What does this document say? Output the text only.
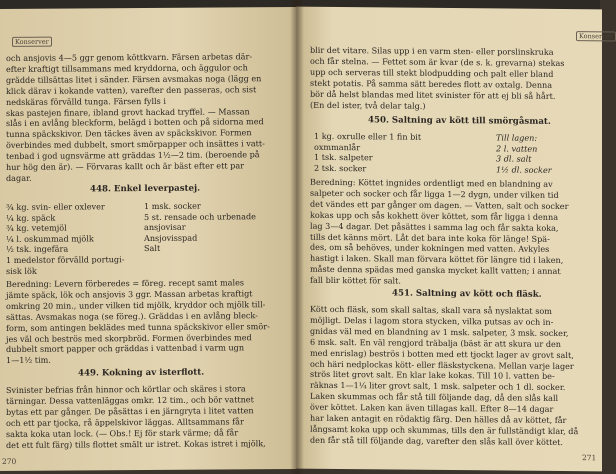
Konserver
och ansjovis 4—5 ggr genom köttkvarn. Färsen arbetas där-
efter kraftigt tillsammans med kryddorna, och äggulor och
grädde tillsättas litet i sänder. Färsen avsmakas noga (lägg en
klick därav i kokande vatten), varefter den passeras, och sist
nedskäras förvälld tunga. Färsen fylls i
skas pastejen finare, ibland grovt hackad tryffel. — Massan
slås i en avlång bleckform, belägd i botten och på sidorna med
tunna späckskivor. Den täckes även av späckskivor. Formen
överbindes med dubbelt, smort smörpapper och insättes i vatt-
tenbad i god ugnsvärme att gräddas 1½—2 tim. (beroende på
hur hög den är). — Förvaras kallt och är bäst efter ett par
dagar.
448. Enkel leverpastej.
¾ kg. svin- eller oxlever
¼ kg. späck
¾ kg. vetemjöl
¼ l. oskummad mjölk
½ tsk. ingefära
1 medelstor förvälld portugi-
sisk lök
1 msk. socker
5 st. rensade och urbenade
ansjovisar
Ansjovisspad
Salt
Beredning: Levern förberedes = föreg. recept samt males
jämte späck, lök och ansjovis 3 ggr. Massan arbetas kraftigt
omkring 20 min., under vilken tid mjölk, kryddor och mjölk till-
sättas. Avsmakas noga (se föreg.). Gräddas i en avlång bleck-
form, som antingen beklädes med tunna späckskivor eller smör-
jes väl och beströs med skorpbröd. Formen överbindes med
dubbelt smort papper och gräddas i vattenbad i varm ugn
1—1½ tim.
449. Kokning av isterflott.
Svinister befrias från hinnor och körtlar och skäres i stora
tärningar. Dessa vattenläggas omkr. 12 tim., och bör vattnet
bytas ett par gånger. De påsättas i en järngryta i litet vatten
och ett par tjocka, rå äppelskivor läggas. Alltsammans får
sakta koka utan lock. (— Obs.! Ej för stark värme; då får
det ett fult färg) tills flottet smält ur istret. Kokas istret i mjölk,
270
Konserver
blir det vitare. Silas upp i en varm sten- eller porslinskruka
och får stelna. — Fettet som är kvar (de s. k. grevarna) stekas
upp och serveras till stekt blodpudding och palt eller bland
stekt potatis. På samma sätt beredes flott av oxtalg. Denna
bör då helst blandas med litet svinister för att ej bli så hårt.
(En del ister, två delar talg.)
450. Saltning av kött till smörgåsmat.
1 kg. oxrulle eller 1 fin bit
oxmmanlår
1 tsk. salpeter
2 tsk. socker
Till lagen:
2 l. vatten
3 dl. salt
1½ dl. socker
Beredning: Köttet ingnides ordentligt med en blandning av
salpeter och socker och får ligga 1—2 dygn, under vilken tid
det vändes ett par gånger om dagen. — Vatten, salt och socker
kokas upp och sås kokhett över köttet, som får ligga i denna
lag 3—4 dagar. Det påsättes i samma lag och får sakta koka,
tills det känns mört. Låt det bara inte koka för länge! Spä-
des, om så behöves, under kokningen med vatten. Avkyles
hastigt i laken. Skall man förvara köttet för längre tid i laken,
måste denna spädas med ganska mycket kallt vatten; i annat
fall blir köttet för salt.
451. Saltning av kött och fläsk.
Kött och fläsk, som skall saltas, skall vara så nyslaktat som
möjligt. Delas i lagom stora stycken, vilka putsas av och in-
gnidas väl med en blandning av 1 msk. salpeter, 3 msk. socker,
6 msk. salt. En väl rengjord träbalja (bäst är att skura ur den
med enrislag) beströs i botten med ett tjockt lager av grovt salt,
och häri nedplockas kött- eller fläskstyckena. Mellan varje lager
strös litet grovt salt. En klar lake kokas. Till 10 l. vatten be-
räknas 1—1¼ liter grovt salt, 1 msk. salpeter och 1 dl. socker.
Laken skummas och får stå till följande dag, då den slås kall
över köttet. Laken kan även tillagas kall. Efter 8—14 dagar
har laken antagit en rödaktig färg. Den hälles då av köttet, får
långsamt koka upp och skummas, tills den är fullständigt klar, då
den får stå till följande dag, varefter den slås kall över köttet.
271
